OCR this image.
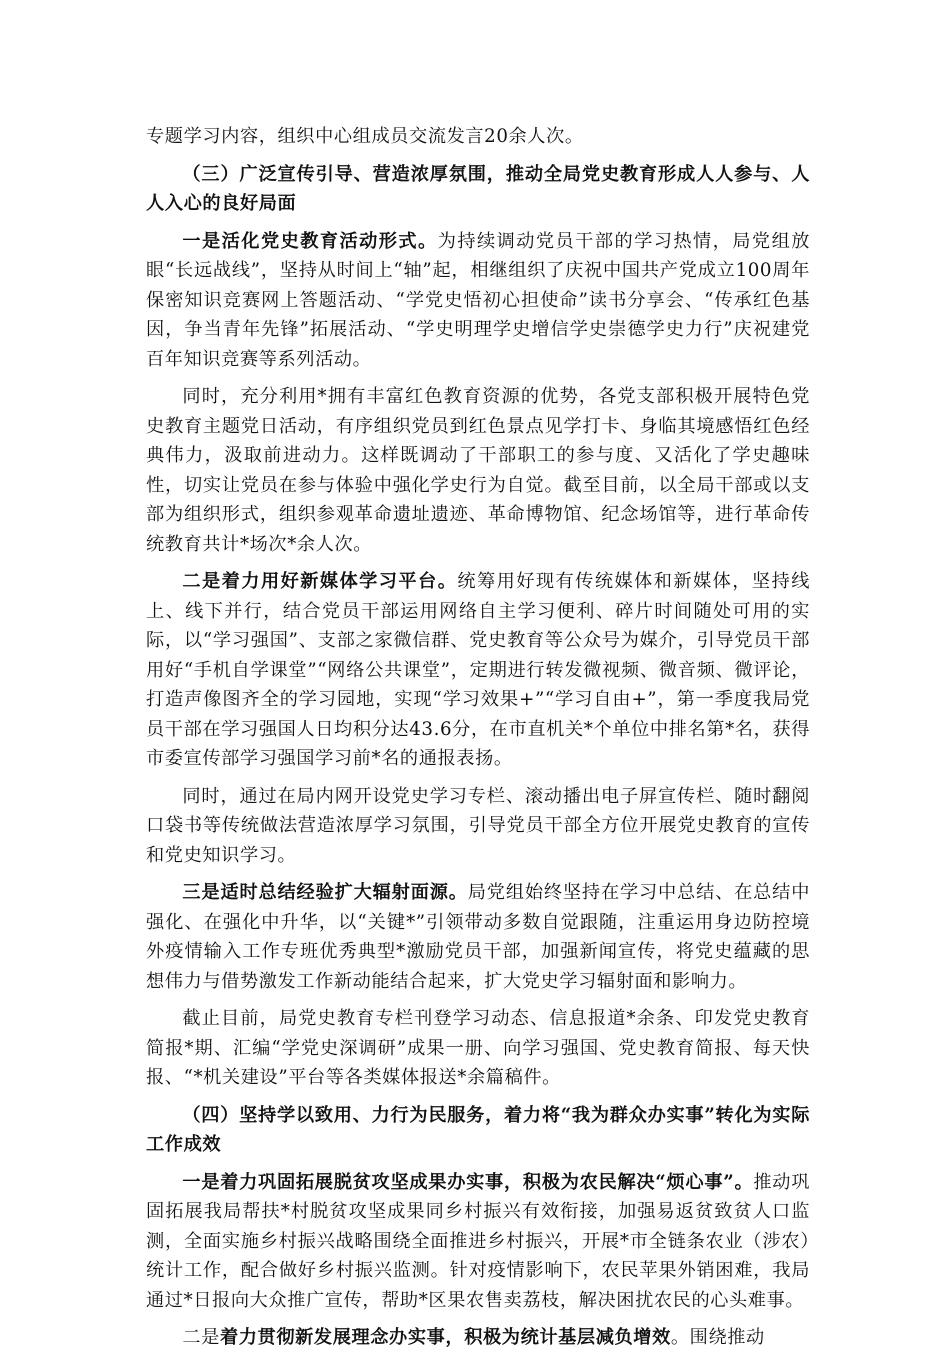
专题学习内容，组织中心组成员交流发言20余人次。

（三）广泛宣传引导、营造浓厚氛围，推动全局党史教育形成人人参与、人人入心的良好局面

一是活化党史教育活动形式。为持续调动党员干部的学习热情，局党组放眼“长远战线”，坚持从时间上“轴”起，相继组织了庆祝中国共产党成立100周年保密知识竞赛网上答题活动、“学党史悟初心担使命”读书分享会、“传承红色基因，争当青年先锋”拓展活动、“学史明理学史增信学史崇德学史力行”庆祝建党百年知识竞赛等系列活动。

同时，充分利用*拥有丰富红色教育资源的优势，各党支部积极开展特色党史教育主题党日活动，有序组织党员到红色景点见学打卡、身临其境感悟红色经典伟力，汲取前进动力。这样既调动了干部职工的参与度、又活化了学史趣味性，切实让党员在参与体验中强化学史行为自觉。截至目前，以全局干部或以支部为组织形式，组织参观革命遗址遗迹、革命博物馆、纪念场馆等，进行革命传统教育共计*场次*余人次。

二是着力用好新媒体学习平台。统筹用好现有传统媒体和新媒体，坚持线上、线下并行，结合党员干部运用网络自主学习便利、碎片时间随处可用的实际，以“学习强国”、支部之家微信群、党史教育等公众号为媒介，引导党员干部用好“手机自学课堂”“网络公共课堂”，定期进行转发微视频、微音频、微评论，打造声像图齐全的学习园地，实现“学习效果+”“学习自由+”，第一季度我局党员干部在学习强国人日均积分达43.6分，在市直机关*个单位中排名第*名，获得市委宣传部学习强国学习前*名的通报表扬。

同时，通过在局内网开设党史学习专栏、滚动播出电子屏宣传栏、随时翻阅口袋书等传统做法营造浓厚学习氛围，引导党员干部全方位开展党史教育的宣传和党史知识学习。

三是适时总结经验扩大辐射面源。局党组始终坚持在学习中总结、在总结中强化、在强化中升华，以“关键*”引领带动多数自觉跟随，注重运用身边防控境外疫情输入工作专班优秀典型*激励党员干部，加强新闻宣传，将党史蕴藏的思想伟力与借势激发工作新动能结合起来，扩大党史学习辐射面和影响力。

截止目前，局党史教育专栏刊登学习动态、信息报道*余条、印发党史教育简报*期、汇编“学党史深调研”成果一册、向学习强国、党史教育简报、每天快报、“*机关建设”平台等各类媒体报送*余篇稿件。

（四）坚持学以致用、力行为民服务，着力将“我为群众办实事”转化为实际工作成效

一是着力巩固拓展脱贫攻坚成果办实事，积极为农民解决“烦心事”。推动巩固拓展我局帮扶*村脱贫攻坚成果同乡村振兴有效衔接，加强易返贫致贫人口监测，全面实施乡村振兴战略围绕全面推进乡村振兴，开展*市全链条农业（涉农）统计工作，配合做好乡村振兴监测。针对疫情影响下，农民苹果外销困难，我局通过*日报向大众推广宣传，帮助*区果农售卖荔枝，解决困扰农民的心头难事。

二是着力贯彻新发展理念办实事，积极为统计基层减负增效。围绕推动
